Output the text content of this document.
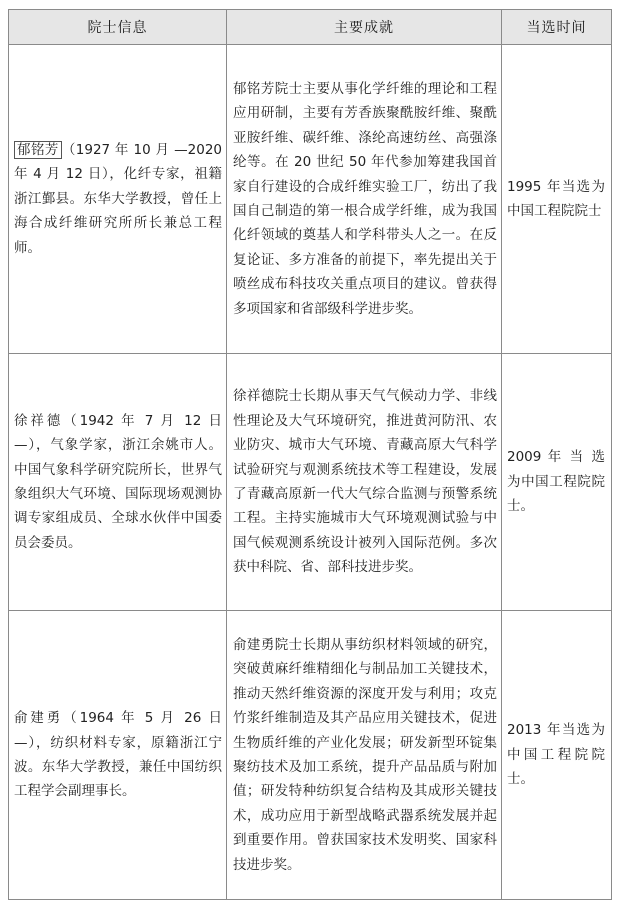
院士信息	主要成就	当选时间
郁铭芳 （1927 年 10 月 —2020 年 4 月 12 日），化纤专家，祖籍浙江鄞县。东华大学教授，曾任上海合成纤维研究所所长兼总工程师。	郁铭芳院士主要从事化学纤维的理论和工程应用研制，主要有芳香族聚酰胺纤维、聚酰亚胺纤维、碳纤维、涤纶高速纺丝、高强涤纶等。在 20 世纪 50 年代参加筹建我国首家自行建设的合成纤维实验工厂，纺出了我国自己制造的第一根合成学纤维，成为我国化纤领域的奠基人和学科带头人之一。在反复论证、多方准备的前提下，率先提出关于喷丝成布科技攻关重点项目的建议。曾获得多项国家和省部级科学进步奖。	1995 年当选为中国工程院院士
徐祥德（1942 年 7 月 12 日 —），气象学家，浙江余姚市人。中国气象科学研究院所长，世界气象组织大气环境、国际现场观测协调专家组成员、全球水伙伴中国委员会委员。	徐祥德院士长期从事天气气候动力学、非线性理论及大气环境研究，推进黄河防汛、农业防灾、城市大气环境、青藏高原大气科学试验研究与观测系统技术等工程建设，发展了青藏高原新一代大气综合监测与预警系统工程。主持实施城市大气环境观测试验与中国气候观测系统设计被列入国际范例。多次获中科院、省、部科技进步奖。	2009 年 当 选为中国工程院院士。
俞建勇（1964 年 5 月 26 日 —），纺织材料专家，原籍浙江宁波。东华大学教授，兼任中国纺织工程学会副理事长。	俞建勇院士长期从事纺织材料领域的研究，突破黄麻纤维精细化与制品加工关键技术，推动天然纤维资源的深度开发与利用；攻克竹浆纤维制造及其产品应用关键技术，促进生物质纤维的产业化发展；研发新型环锭集聚纺技术及加工系统，提升产品品质与附加值；研发特种纺织复合结构及其成形关键技术，成功应用于新型战略武器系统发展并起到重要作用。曾获国家技术发明奖、国家科技进步奖。	2013 年当选为中国工程院院士。
